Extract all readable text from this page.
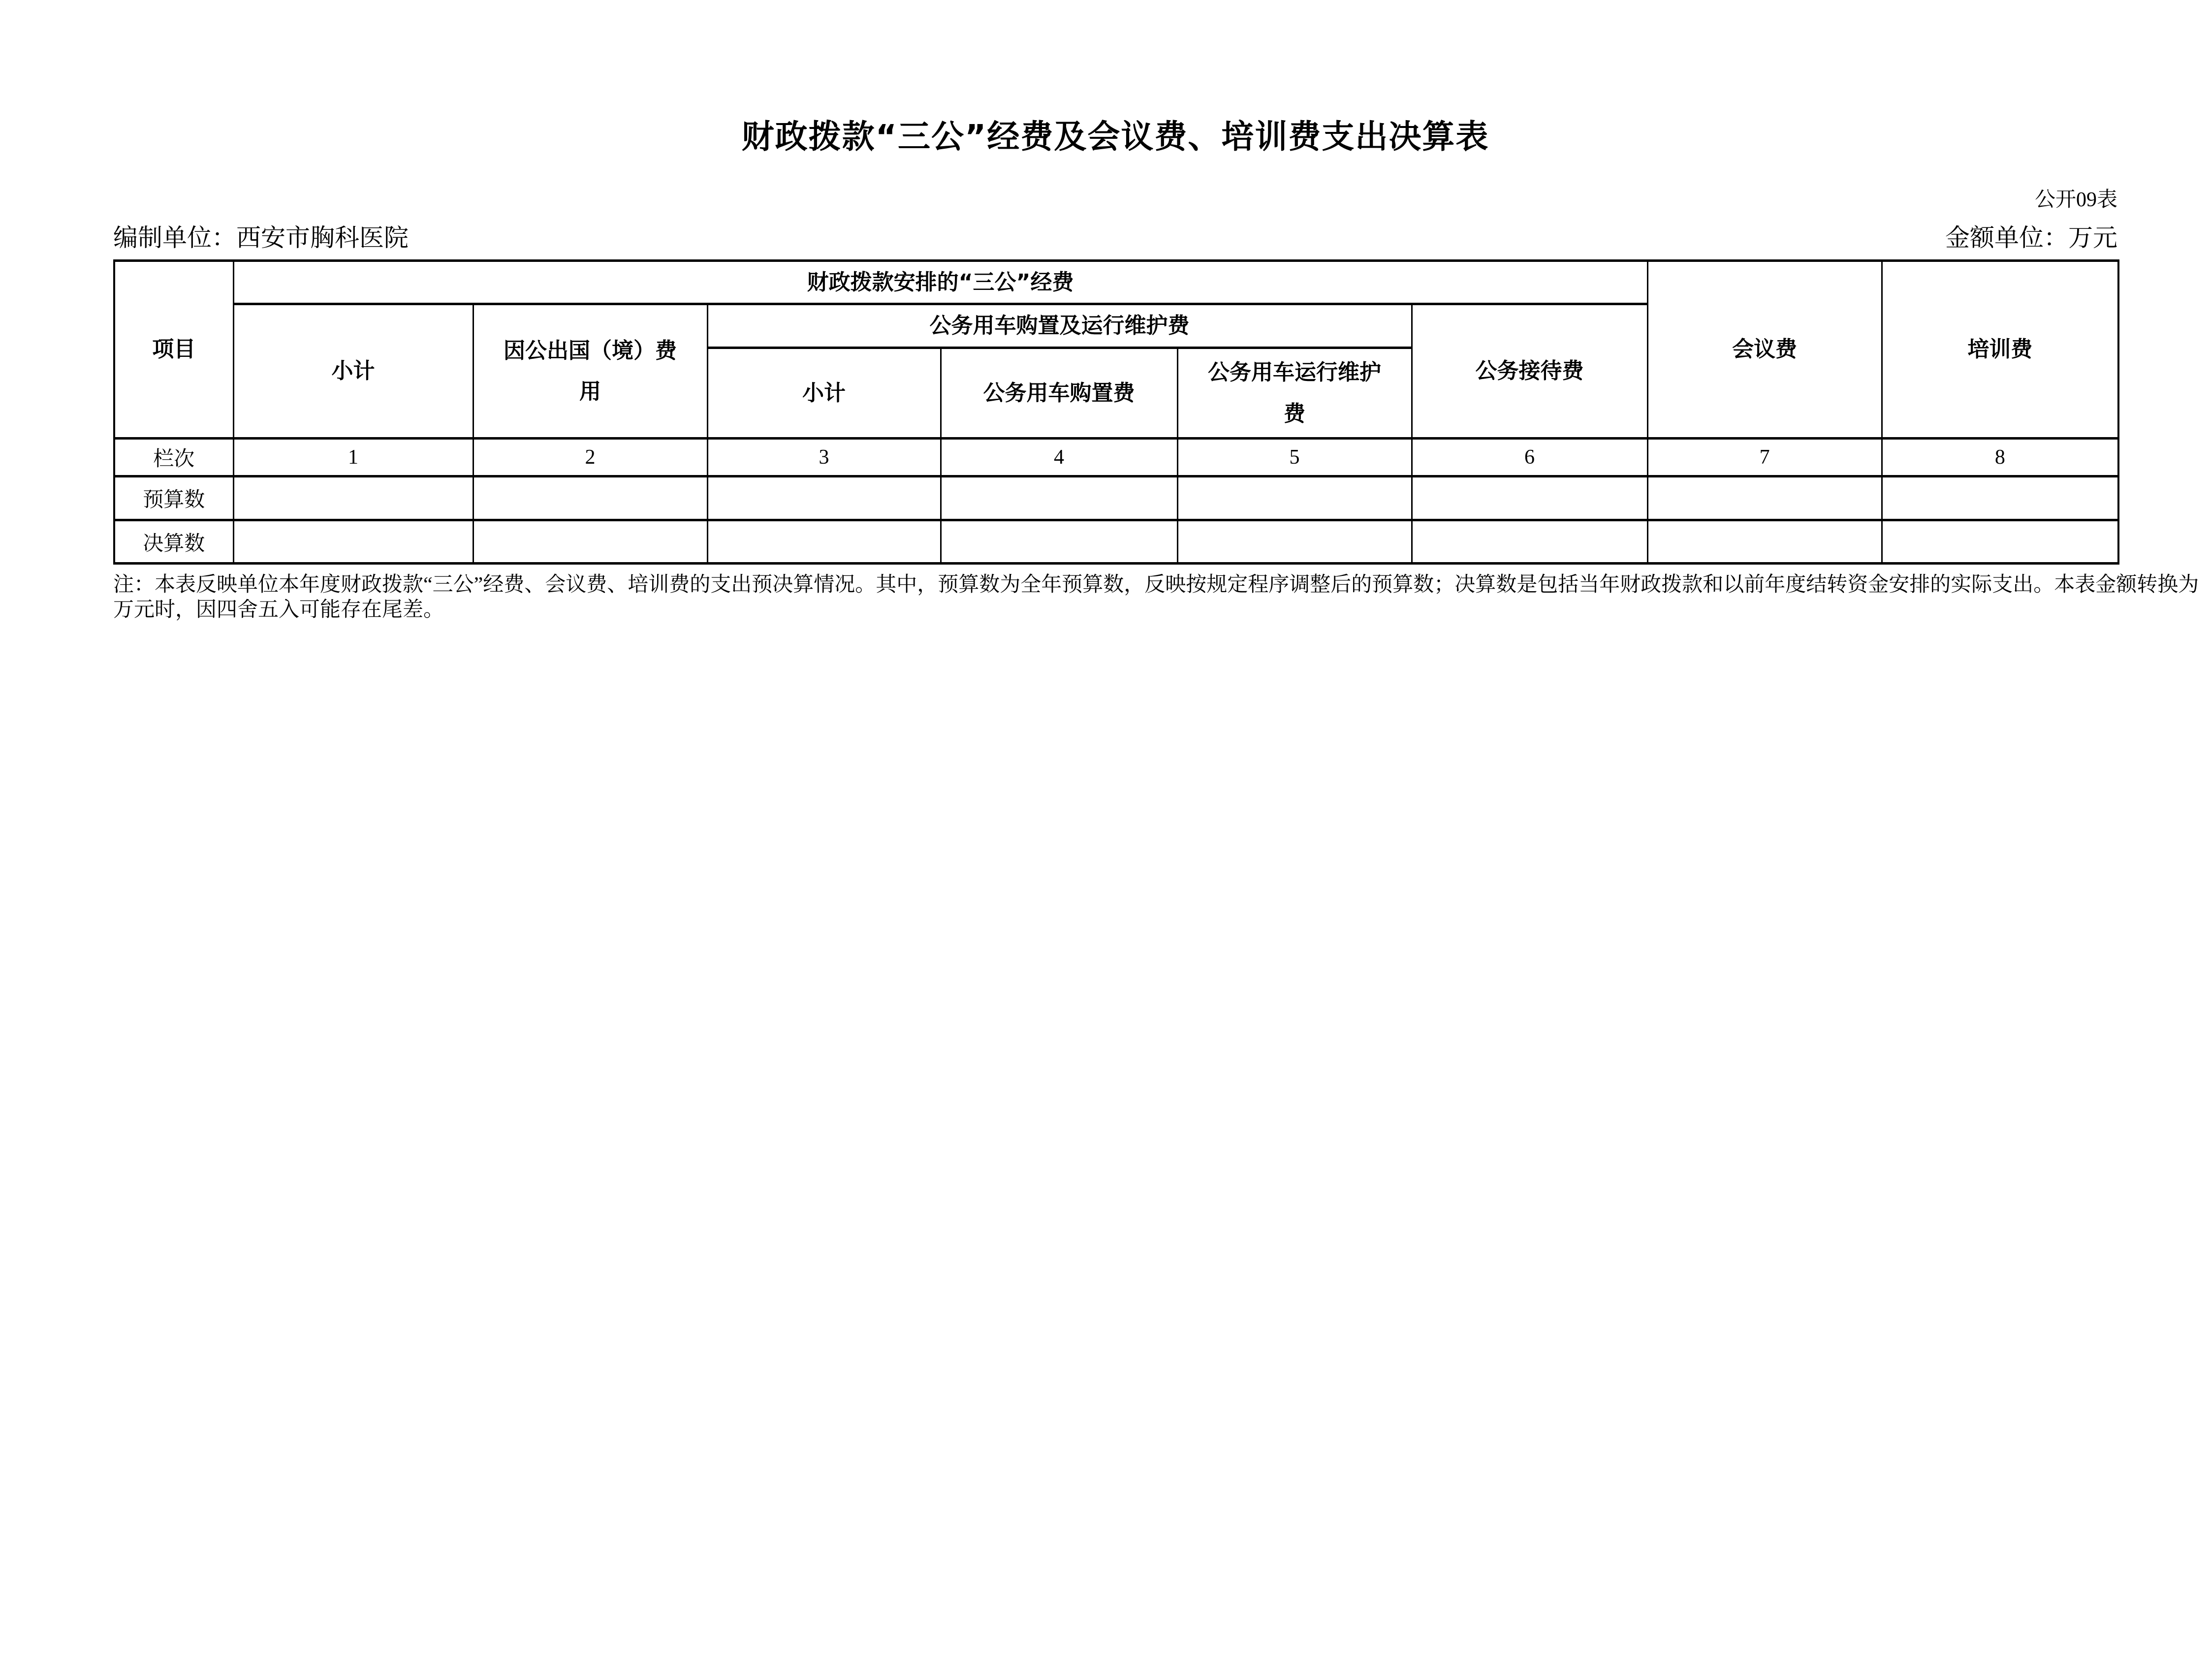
财政拨款“三公”经费及会议费、培训费支出决算表
公开09表
编制单位：西安市胸科医院	金额单位：万元
项目	财政拨款安排的“三公”经费						会议费	培训费
	小计	因公出国（境）费用	公务用车购置及运行维护费			公务接待费		
			小计	公务用车购置费	公务用车运行维护费			
栏次	1	2	3	4	5	6	7	8
预算数								
决算数								
注：本表反映单位本年度财政拨款“三公”经费、会议费、培训费的支出预决算情况。其中，预算数为全年预算数，反映按规定程序调整后的预算数；决算数是包括当年财政拨款和以前年度结转资金安排的实际支出。本表金额转换为万元时，因四舍五入可能存在尾差。
